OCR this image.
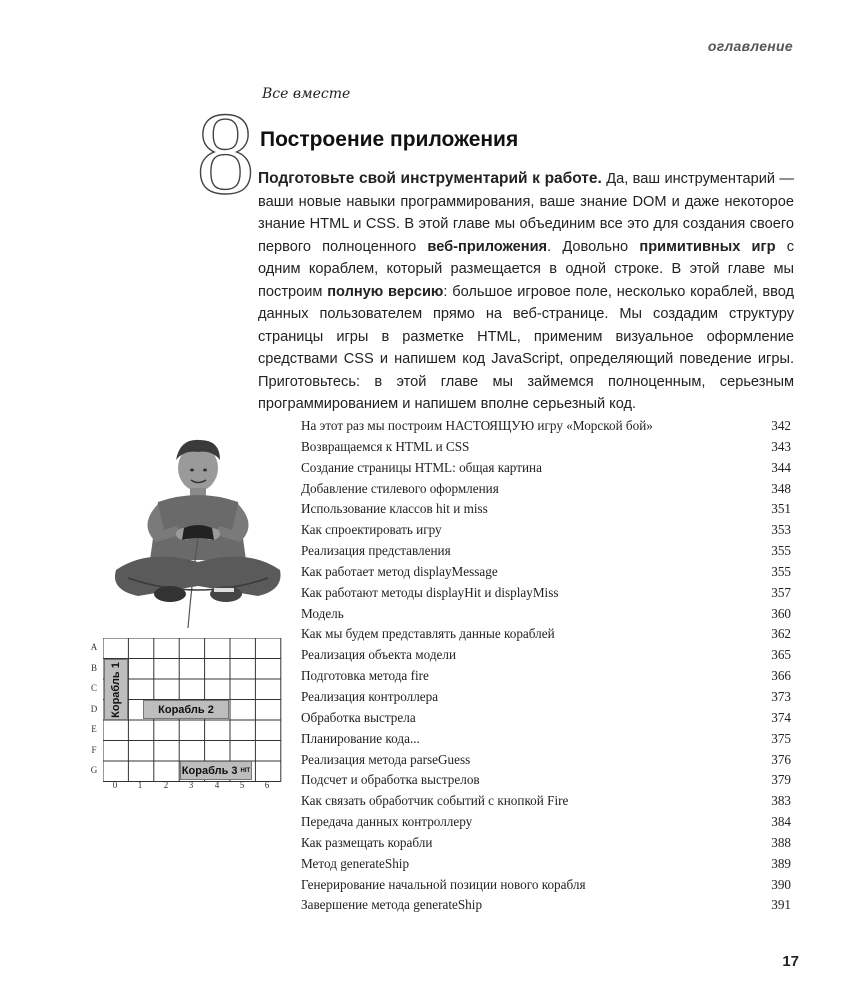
оглавление
8 Все вместе
Построение приложения

Подготовьте свой инструментарий к работе. Да, ваш инструментарий — ваши новые навыки программирования, ваше знание DOM и даже некоторое знание HTML и CSS. В этой главе мы объединим все это для создания своего первого полноценного веб-приложения. Довольно примитивных игр с одним кораблем, который размещается в одной строке. В этой главе мы построим полную версию: большое игровое поле, несколько кораблей, ввод данных пользователем прямо на веб-странице. Мы создадим структуру страницы игры в разметке HTML, применим визуальное оформление средствами CSS и напишем код JavaScript, определяющий поведение игры. Приготовьтесь: в этой главе мы займемся полноценным, серьезным программированием и напишем вполне серьезный код.

A
B
C
D
E
F
G
Корабль 1	Корабль 2
Корабль 3 HIT
0	1	2	3	4	5	6
На этот раз мы построим НАСТОЯЩУЮ игру «Морской бой»	342
Возвращаемся к HTML и CSS	343
Создание страницы HTML: общая картина	344
Добавление стилевого оформления	348
Использование классов hit и miss	351
Как спроектировать игру	353
Реализация представления	355
Как работает метод displayMessage	355
Как работают методы displayHit и displayMiss	357
Модель	360
Как мы будем представлять данные кораблей	362
Реализация объекта модели	365
Подготовка метода fire	366
Реализация контроллера	373
Обработка выстрела	374
Планирование кода...	375
Реализация метода parseGuess	376
Подсчет и обработка выстрелов	379
Как связать обработчик событий с кнопкой Fire	383
Передача данных контроллеру	384
Как размещать корабли	388
Метод generateShip	389
Генерирование начальной позиции нового корабля	390
Завершение метода generateShip	391
17
